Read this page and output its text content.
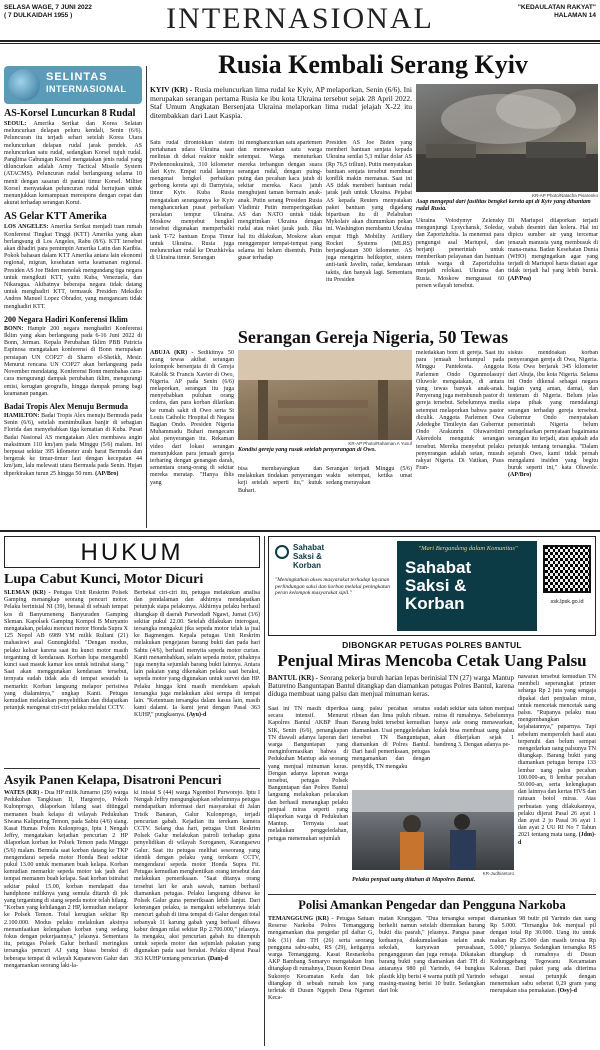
SELASA WAGE, 7 JUNI 2022
( 7 DULKAIDAH 1955 )	INTERNASIONAL	"KEDAULATAN RAKYAT"
HALAMAN 14
SELINTAS
INTERNASIONAL
AS-Korsel Luncurkan 8 Rudal
SEOUL: Amerika Serikat dan Korea Selatan meluncurkan delapan peluru kendali, Senin (6/6). Peluncuran itu terjadi sehari setelah Korea Utara meluncurkan delapan rudal jarak pendek. AS meluncurkan satu rudal, sedangkan Korsel tujuh rudal. Panglima Gabungan Korsel mengatakan jenis rudal yang diluncurkan adalah Army Tactical Missile System (ATACMS). Peluncuran rudal berlangsung selama 10 menit dengan sasaran di pantai timur Korsel. Militer Korsel menyatakan peluncuran rudal bertujuan untuk menunjukkan kemampuan merespons dengan cepat dan akurat terhadap serangan Korut.
AS Gelar KTT Amerika
LOS ANGELES: Amerika Serikat menjadi tuan rumah Konferensi Tingkat Tinggi (KTT) Amerika yang akan berlangsung di Los Angeles, Rabu (8/6). KTT tersebut akan dihadiri para pemimpin Amerika Latin dan Karibia. Pokok bahasan dalam KTT Amerika antara lain ekonomi regional, migran, kesehatan serta keamanan regional. Presiden AS Joe Biden menolak mengundang tiga negara untuk mengikuti KTT, yaitu Kuba, Venezuela, dan Nikaragua. Akibatnya beberapa negara tidak datang untuk menghadiri KTT, termasuk Presiden Meksiko Andres Manuel Lopez Obrador, yang mengancam tidak menghadiri KTT.
200 Negara Hadiri Konferensi Iklim
BONN: Hampir 200 negara menghadiri Konferensi Iklim yang akan berlangsung pada 6-16 Juni 2022 di Bonn, Jerman. Kepala Perubahan Iklim PBB Patricia Espinosa mengatakan konferensi di Bonn merupakan persiapan UN COP27 di Sharm el-Sheikh, Mesir. Menurut rencana UN COP27 akan berlangsung pada November mendatang. Konferensi Bonn membahas cara-cara mengurangi dampak perubahan iklim, mengurangi emisi, kerugian geografis, hingga dampak perang bagi keamanan pangan.
Badai Tropis Alex Menuju Bermuda
HAMILTON: Badai Tropis Alex menuju Bermuda pada Senin (6/6), setelah menimbulkan banjir di sebagian Florida dan menyebabkan tiga kematian di Kuba. Pusat Badai Nasional AS mengatakan Alex membawa angin maksimum 110 km/jam pada Minggu (5/6) malam. Ini berpusat sekitar 395 kilometer arah barat Bermuda dan bergerak ke timur-timur laut dengan kecepatan 44 km/jam, lalu melewati utara Bermuda pada Senin. Hujan diperkirakan turun 25 hingga 50 mm. (AP/Bro)
Rusia Kembali Serang Kyiv
KYIV (KR) - Rusia meluncurkan lima rudal ke Kyiv, AP melaporkan, Senin (6/6). Ini merupakan serangan pertama Rusia ke ibu kota Ukraina tersebut sejak 28 April 2022. Staf Umum Angkatan Bersenjata Ukraina melaporkan lima rudal jelajah X-22 itu ditembakkan dari Laut Kaspia.
KR-AP Photo/Natacha Pisarenko
Asap mengepul dari fasilitas bengkel kereta api di Kyiv yang dihantam rudal Rusia.
Satu rudal dirontokkan sistem pertahanan udara Ukraina saat melintas di dekat reaktor nuklir Pivdennoukrainsk, 310 kilometer dari Kyiv. Empat rudal lainnya mengenai bengkel perbaikan gerbong kereta api di Darnytsia, timur Kyiv. Kuba Rusia mengatakan serangannya ke Kyiv menghancurkan pusat perbaikan peralatan tempur Ukraina. Moskow menyebut bengkel tersebut digunakan memperbaiki tank T-72 bantuan Eropa Timur untuk Ukraina. Rusia juga meluncurkan rudal ke Druzhkivka di Ukraina timur. Serangan
ini menghancurkan satu apartemen dan menewaskan satu warga setempat. Warga menuturkan mereka terbangun dengan suara serangan rudal, dengan puing-puing dan pecahan kaca jatuh di sekitar mereka. Kaca jatuh menghujani taman bermain anak-anak. Putin serang Presiden Rusia Vladimir Putin memperingatkan AS dan NATO untuk tidak mengirimkan Ukraina dengan rudal atau roket jarak jauh. Jika hal itu dilakukan, Moskow akan menggempur tempat-tempat yang selama ini belum disentuh. Putin gusar terhadap
Presiden AS Joe Biden yang memberi bantuan senjata kepada Ukraina senilai 5,3 miliar dolar AS (Rp 76,5 triliun). Putin menyatakan bantuan senjata tersebut membuat konflik makin memanas. Saat ini AS tidak memberi bantuan rudal jarak jauh untuk Ukraina. Pejabat AS kepada Reuters menyatakan paket bantuan yang digadang bipartisan itu di Pelabuhan Mykolaiv akan diumumkan pekan ini. Washington membantu Ukraina empat High Mobility Artillery Rocket Systems (MLRS) berjangkauan 300 kilometer. AS juga mengirim helikopter, sistem anti-tank Javelin, radar, kendaraan taktis, dan banyak lagi. Sementara itu Presiden
Ukraina Volodymyr Zelensky mengunjungi Lysychansk, Soledar, dan Zaporizhzhia. Ia menemui para pengungsi asal Mariupol, dan berjanji pemerintah untuk memberikan pelayanan dan bantuan untuk warga di Zaporizhzhia menjadi relokasi. Ukraina dan Rusia. Moskow menguasai 60 persen wilayah tersebut.
Di Mariupol dilaporkan terjadi wabah desentri dan kolera. Hal ini dipicu sumber air yang tercemar jenazah manusia yang membusuk di mana-mana. Badan Kesehatan Dunia (WHO) mengingatkan agar yang terjadi di Mariupol harus diatasi agar tidak terjadi hal yang lebih buruk. (AP/Pea)
Serangan Gereja Nigeria, 50 Tewas
ABUJA (KR) - Sedikitnya 50 orang tewas akibat serangan kelompok bersenjata di di Gereja Katolik St Francis Xavier di Owo, Nigeria. AP pada Senin (6/6) melaporkan, serangan itu juga menyebabkan puluhan orang cedera, dan para korban dilarikan ke rumah sakit di Owo serta St Louis Catholic Hospital di Negara Bagian Ondo. Presiden Nigeria Muhammadu Buhari mengecam aksi penyerangan itu. Rekaman video dari lokasi serangan menunjukkan para jemaah gereja terbaring dengan genangan darah, sementara orang-orang di sekitar mereka meratap. "Hanya iblis yang
KR-AP Photo/Rahaman A Yusuf
Kondisi gereja yang rusak setelah penyerangan di Owo.
bisa membayangkan dan melakukan tindakan penyerangan keji setelah seperti itu," kutuk Buhari.
Serangan terjadi Minggu (5/6) waktu setempat, ketika umat sedang merayakan
meledakkan bom di gereja. Saat itu para jemaah berkumpul pada Minggu Pantekosta. Anggota Parlemen Ondo Ogunmolasuyi Oluwole mengatakan, di antara yang tewas banyak anak-anak. Penyerang juga membunuh pastor di gereja tersebut. Sebelumnya media setempat melaporkan bahwa pastor diculik. Anggota Parlemen Owa Adedegbe Timileyin dan Gubernur Ondo Arakunrin Oluwarotimi Akeredolu mengutuk serangan tersebut. Mereka menyebut pelaku penyerangan adalah setan, musuh rakyat Nigeria. Di Vatikan, Paus Fran-
siskus mendoakan korban penyerangan gereja di Owa, Nigeria. Kota Owa berjarak 345 kilometer dari Abuja, ibu kota Nigeria. Selama ini Ondo dikenal sebagai negara bagian yang aman, damai, dan tenteram di Nigeria. Belum jelas siapa pihak yang mendalangi serangan terhadap gereja tersebut. Gubernur Ondo menyatakan pemerintah Nigeria belum mengeluarkan pernyataan bagaimana serangan itu terjadi, atau apakah ada petunjuk tentang tersangka. "Dalam sejarah Owo, kami tidak pernah mengalami insiden yang begitu buruk seperti ini," kata Oluwole. (AP/Bro)
HUKUM
Lupa Cabut Kunci, Motor Dicuri
SLEMAN (KR) - Petugas Unit Reskrim Polsek Gamping menangkap seorang pencuri motor. Pelaku berinisial NI (39), berasal di sebuah tempat kos di Banyumeneng Banyuraden Gamping Sleman. Kapolsek Gamping Kompol B Muryanto mengatakan, pelaku mencuri motor Honda Supra X 125 Nopol AB 6989 YM milik Ruliani (21) mahasiswi asal Gunungkidul. "Dengan modus, pelaku keluar karena saat itu kunci motor masih tergantung di kendaraan. Korban lupa mengambil kunci saat masuk kamar kos untuk istirahat siang." Saat akan menggunakan kendaraan tersebut, ternyata sudah tidak ada di tempat sesudah ia memarkir. Korban langsung melapor peristiwa yang dialaminya," ungkap Kanit. Petugas kemudian melakukan penyelidikan dan didapatkan petunjuk mengenai ciri-ciri pelaku melalui CCTV.
Berbekal ciri-ciri itu, petugas melakukan analisa dan pendalaman dan akhirnya mendapatkan petunjuk siapa pelakunya. Akhirnya pelaku berhasil ditangkap di daerah Purwodadi Ngawi, Jumat (3/6) sekitar pukul 22.00. Setelah dilakukan interogasi, tersangka mengakui jika sepeda motor telah ia jual ke Bagmengen. Kepala petugas Unit Reskrim melakukan pengejaran barang bukti dan pada hari Sabtu (4/6), berhasil menyita sepeda motor curian. Kanit menambahkan, selain sepeda motor, pihaknya juga menyita sejumlah barang bukti lainnya. Antara lain pakaian yang dikenakan pelaku saat beraksi, sepeda motor yang digunakan untuk survei dan HP. Pelaku hingga kini masih mendekam apakah tersangka juga melakukan aksi serupa di tempat lain. "Ketentuan tersangka dalam kasus lain, masih kami dalami. Ia kami jerat dengan Pasal 363 KUHP," pungkasnya. (Ayu)-d
Asyik Panen Kelapa, Disatroni Pencuri
WATES (KR) - Dua HP milik Jumarno (29) warga Pedukuhan Tangkisan II, Hargorejo, Pokoh Kulonprogo, dilaporkan hilang saat ditinggal memanen buah kelapa di wilayah Pedukuhan Siwana Kalipuring Temon, pada Sabtu (4/6) siang. Kasat Humas Polres Kulonprogo, Iptu I Nengah Jeffry, mengatakan kejadian pencurian 2 HP dilaporkan korban ke Polsek Temon pada Minggu (5/6) malam. Bermula saat korban datang ke TKP mengendarai sepeda motor Honda Beat sekitar pukul 13.00 untuk memanen buah kelapa. Korban kemudian memarkir sepeda motor tak jauh dari tempat memanen buah kelapa. Saat korban istirahat sekitar pukul 15.00, korban mendapati dua handphone miliknya yang semula ditaruh di jok yang tergantung di stang sepeda motor telah hilang. "Korban yang kehilangan 2 HP, kemudian melapor ke Polsek Temon. Total kerugian sekitar Rp 2.100.000. Modus pelaku melakukan aksinya memanfaatkan kelengahan korban yang sedang fokus dengan pekerjaannya," jelasnya. Sementara itu, petugas Polsek Galur berhasil meringkus tersangka pencuri AJ yang biasa beraksi di beberapa tempat di wilayah Kapanewon Galur dan mengamankan seorang laki-la-
ki inisial S (44) warga Ngombol Purworejo. Iptu I Nengah Jeffry mengungkapkan sebelumnya petugas mendapatkan informasi dari masyarakat di Jalan Trisik Banaran, Galur Kulonprogo, terjadi pencurian gabah. Kejadian itu terekam kamera CCTV. Selang dua hari, petugas Unit Reskrim Polsek Galur melakukan patroli terhadap guna penyelidikan di wilayah Soroganen, Karangsewu Galur. Saat itu petugas melihat seseorang yang identik dengan pelaku yang terekam CCTV, mengendarai sepeda motor Honda Supra Fit. Petugas kemudian menghentikan orang tersebut dan melakukan pemeriksaan. "Saat ditanya orang tersebut lari ke arah sawah, namun berhasil diamankan petugas. Pelaku langsung dibawa ke Polsek Galur guna pemeriksaan lebih lanjut. Dari keterangan pelaku, ia mengakui sebelumnya telah mencuri gabah di tima tempat di Galur dengan total sebanyak 11 karung gabah yang berhasil dibawa kabur dengan nilai sekitar Rp 2.700.000," jelasnya. Ia mengaku, aksi pencurian gabah itu ditempuh untuk sepeda motor dan sejumlah pakaian yang digunakan pada saat beraksi. Pelaku dijerat Pasal 363 KUHP tentang pencurian. (Dan)-d
Sahabat
Saksi &
Korban
"Meningkatkan akses masyarakat terhadap layanan perlindungan saksi dan korban melalui peningkatan peran kelompok masyarakat sipil."
"Mari Bergandeng dalam Komunitas"
Sahabat
Saksi &
Korban	ssk.lpsk.go.id
DIBONGKAR PETUGAS POLRES BANTUL
Penjual Miras Mencoba Cetak Uang Palsu
BANTUL (KR) - Seorang pekerja buruh harian lepas berinisial TN (27) warga Mantup Baturetno Banguntapan Bantul ditangkap dan diamankan petugas Polres Bantul, karena diduga membuat uang palsu dan menjual minuman keras.
Saat ini TN masih diperiksa secara intensif. Menurut Kapolres Bantul AKBP Ihsan SIK, Senin (6/6), penangkapan TN diawali adanya laporan dari warga Banguntapan yang menginformasikan bahwa di Pedukuhan Mantup ada seorang yang menjual minuman keras. Dengan adanya laporan warga tersebut, petugas Polsek Banguntapan dan Polres Bantul langsung melakukan pelacakan dan berhasil menangkap pelaku penjual miras seperti yang dilaporkan warga di Pedukuhan Mantup. Ternyata saat melakukan penggeledahan, petugas menemukan sejumlah
uang palsu pecahan seratus ribuan dan lima puluh ribuan. Barang bukti tersebut kemudian diamankan. Usai penggeledahan tersebut TN Banguntapan, diamankan di Polres Bantul. Dari hasil pemeriksaan, petugas mengamankan dan dengan penyidik, TN mengaku
sudah sekitar satu tahun menjual miras di rumahnya. Sebelumnya hanya ada orang menawarkan, kulak bisa membuat uang palsu akan dikerjakan sejak 1 bandreng 3. Dengan adanya pe-
KR-Judhiantoro
Pelaku penjual uang ditahan di Mapolres Bantul.
nawaran tersebut kemudian TN membeli seperangkat printer seharga Rp 2 juta yang sengaja dipakai dari penjualan miras, untuk mencetak mencetak uang palsu. "Rupanya pelaku mau mengembangkan kejahatannya," paparnya. Tapi sebelum memperoleh hasil atau terpenuhi dan belum sempat mengedarkan uang palsunya TN ditangkap. Barang bukti yang diamankan petugas berupa 133 lembar uang palsu pecahan 100.000-an, 8 lembar pecahan 50.000-an, serta kelengkapan dan lainnya dan kertas HVS dan ratusan botol miras. Atas perbuatan yang dilakukannya, pelaku dijerat Pasal 26 ayat 1 dan ayat 2 jo Pasal 36 ayat 1 dan ayat 2 UU RI No 7 Tahun 2021 tentang mata uang. (Jdm)-d
Polisi Amankan Pengedar dan Pengguna Narkoba
TEMANGGUNG (KR) - Petugas Satuan Reserse Narkoba Polres Temanggung mengamankan dua pengedar pil daftar G, Iok (31) dan TH (26) serta seorang pengguna sabu-sabu, RS (29), ketiganya warga Temanggung. Kasat Resnarkoba AKP Bambang Sumaryo mengatakan Iran ditangkap di rumahnya, Dusun Kemiri Desa Sukorejo Kecamatan Kedu dan Iok ditangkap di sebuah rumah kos yang terletak di Dusun Ngepeh Desa Ngemet Keca-
matan Kranggan. "Dua tersangka sempat berkelit namun setelah ditemukan barang bukti dia pasrah," jelasnya. Pangsa pasar keduanya, diakumulasikan selain anak sekolah, karyawan perusahaan, pengangguran dan juga remaja. Dikatakan barang bukti yang diamankan dari TH di antaranya 980 pil Yarindo, 64 bungkus plastik klip berisi 4 warna putih pil Yarindo masing-masing berisi 10 butir. Sedangkan dari Iok
diamankan 98 butir pil Yarindo dan uang Rp 5.000. "Tersangka Iok menjual pil dengan total Rp 30.000. Uang itu untuk makan Rp 25.000 dan masih tersisa Rp 5.000," jelasnya. Sedangkan tersangka RS ditangkap di rumahnya di Dusun Kedunggebang Tegowanu Kecamatan Kaloran. Dari paket yang ada diterima sebagai sesuai petunjuk dengan menemukan sabu seberat 0,29 gram yang merupakan sisa pemakaian. (Osy)-d
